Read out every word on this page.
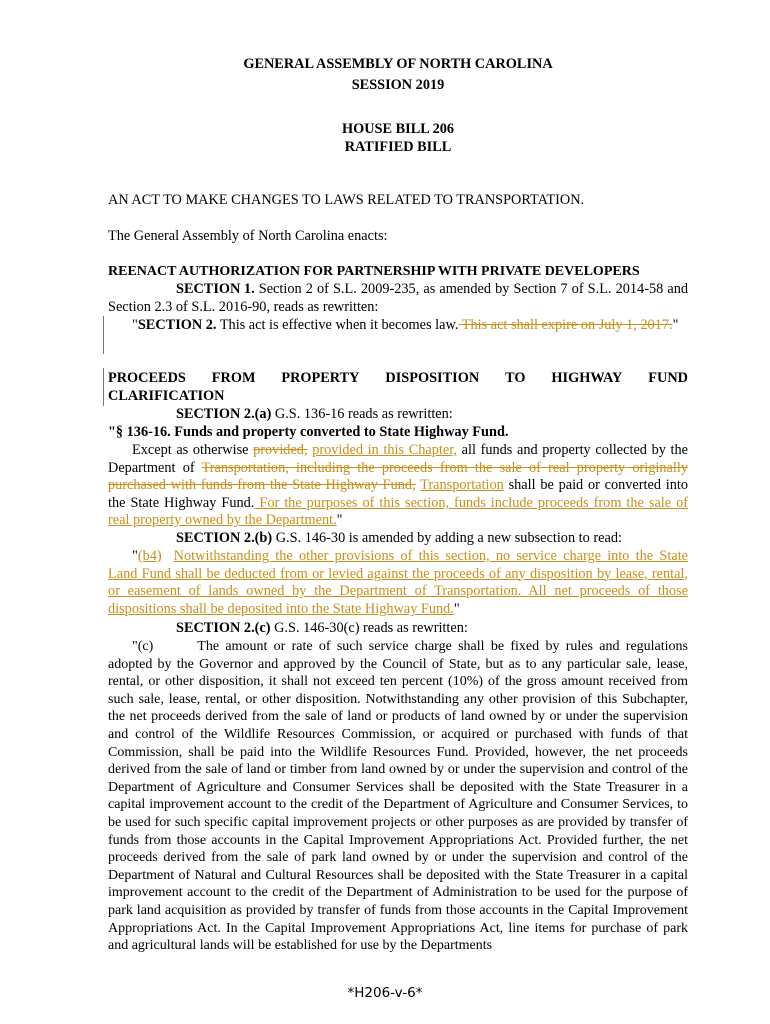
GENERAL ASSEMBLY OF NORTH CAROLINA
SESSION 2019
HOUSE BILL 206
RATIFIED BILL
AN ACT TO MAKE CHANGES TO LAWS RELATED TO TRANSPORTATION.
The General Assembly of North Carolina enacts:
REENACT AUTHORIZATION FOR PARTNERSHIP WITH PRIVATE DEVELOPERS
SECTION 1. Section 2 of S.L. 2009-235, as amended by Section 7 of S.L. 2014-58 and Section 2.3 of S.L. 2016-90, reads as rewritten:
"SECTION 2. This act is effective when it becomes law. This act shall expire on July 1, 2017."
PROCEEDS FROM PROPERTY DISPOSITION TO HIGHWAY FUND
CLARIFICATION
SECTION 2.(a) G.S. 136-16 reads as rewritten:
"§ 136-16. Funds and property converted to State Highway Fund.
Except as otherwise provided, provided in this Chapter, all funds and property collected by the Department of Transportation, including the proceeds from the sale of real property originally purchased with funds from the State Highway Fund, Transportation shall be paid or converted into the State Highway Fund. For the purposes of this section, funds include proceeds from the sale of real property owned by the Department."
SECTION 2.(b) G.S. 146-30 is amended by adding a new subsection to read:
"(b4) Notwithstanding the other provisions of this section, no service charge into the State Land Fund shall be deducted from or levied against the proceeds of any disposition by lease, rental, or easement of lands owned by the Department of Transportation. All net proceeds of those dispositions shall be deposited into the State Highway Fund."
SECTION 2.(c) G.S. 146-30(c) reads as rewritten:
"(c)	The amount or rate of such service charge shall be fixed by rules and regulations adopted by the Governor and approved by the Council of State, but as to any particular sale, lease, rental, or other disposition, it shall not exceed ten percent (10%) of the gross amount received from such sale, lease, rental, or other disposition. Notwithstanding any other provision of this Subchapter, the net proceeds derived from the sale of land or products of land owned by or under the supervision and control of the Wildlife Resources Commission, or acquired or purchased with funds of that Commission, shall be paid into the Wildlife Resources Fund. Provided, however, the net proceeds derived from the sale of land or timber from land owned by or under the supervision and control of the Department of Agriculture and Consumer Services shall be deposited with the State Treasurer in a capital improvement account to the credit of the Department of Agriculture and Consumer Services, to be used for such specific capital improvement projects or other purposes as are provided by transfer of funds from those accounts in the Capital Improvement Appropriations Act. Provided further, the net proceeds derived from the sale of park land owned by or under the supervision and control of the Department of Natural and Cultural Resources shall be deposited with the State Treasurer in a capital improvement account to the credit of the Department of Administration to be used for the purpose of park land acquisition as provided by transfer of funds from those accounts in the Capital Improvement Appropriations Act. In the Capital Improvement Appropriations Act, line items for purchase of park and agricultural lands will be established for use by the Departments
*H206-v-6*
